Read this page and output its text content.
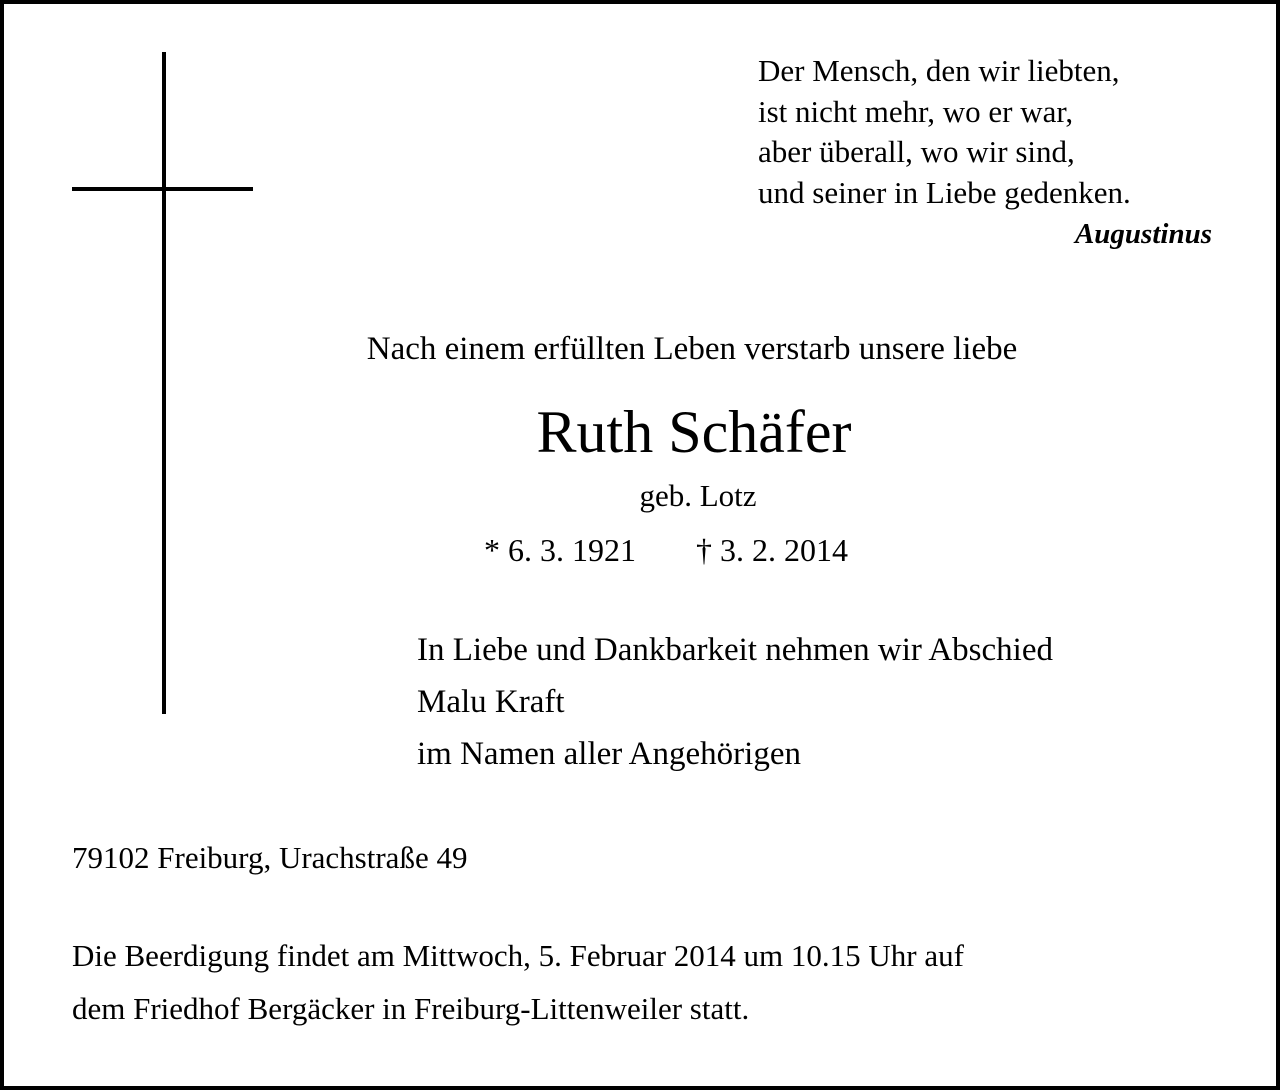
Der Mensch, den wir liebten,
ist nicht mehr, wo er war,
aber überall, wo wir sind,
und seiner in Liebe gedenken.
Augustinus
Nach einem erfüllten Leben verstarb unsere liebe
Ruth Schäfer
geb. Lotz
* 6. 3. 1921 † 3. 2. 2014
In Liebe und Dankbarkeit nehmen wir Abschied
Malu Kraft
im Namen aller Angehörigen
79102 Freiburg, Urachstraße 49
Die Beerdigung findet am Mittwoch, 5. Februar 2014 um 10.15 Uhr auf
dem Friedhof Bergäcker in Freiburg-Littenweiler statt.
